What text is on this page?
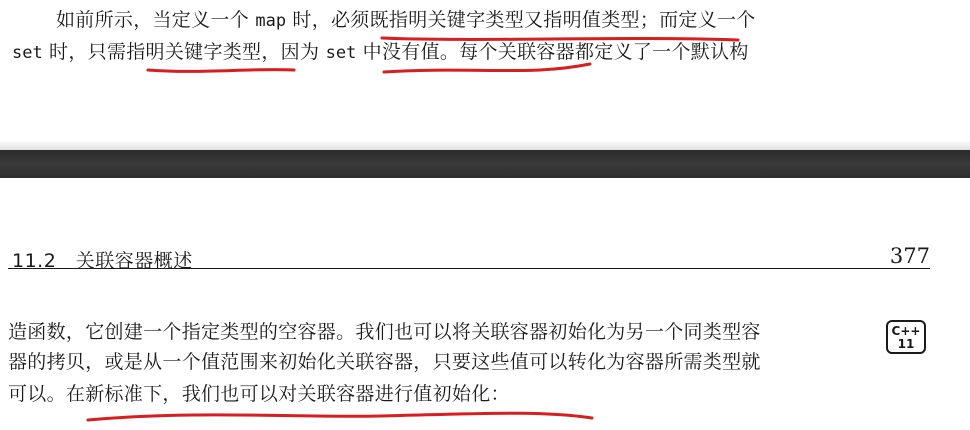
如前所示，当定义一个 map 时，必须既指明关键字类型又指明值类型；而定义一个
set 时，只需指明关键字类型，因为 set 中没有值。每个关联容器都定义了一个默认构
11.2　关联容器概述	377
造函数，它创建一个指定类型的空容器。我们也可以将关联容器初始化为另一个同类型容
器的拷贝，或是从一个值范围来初始化关联容器，只要这些值可以转化为容器所需类型就
可以。在新标准下，我们也可以对关联容器进行值初始化：
C++
11
